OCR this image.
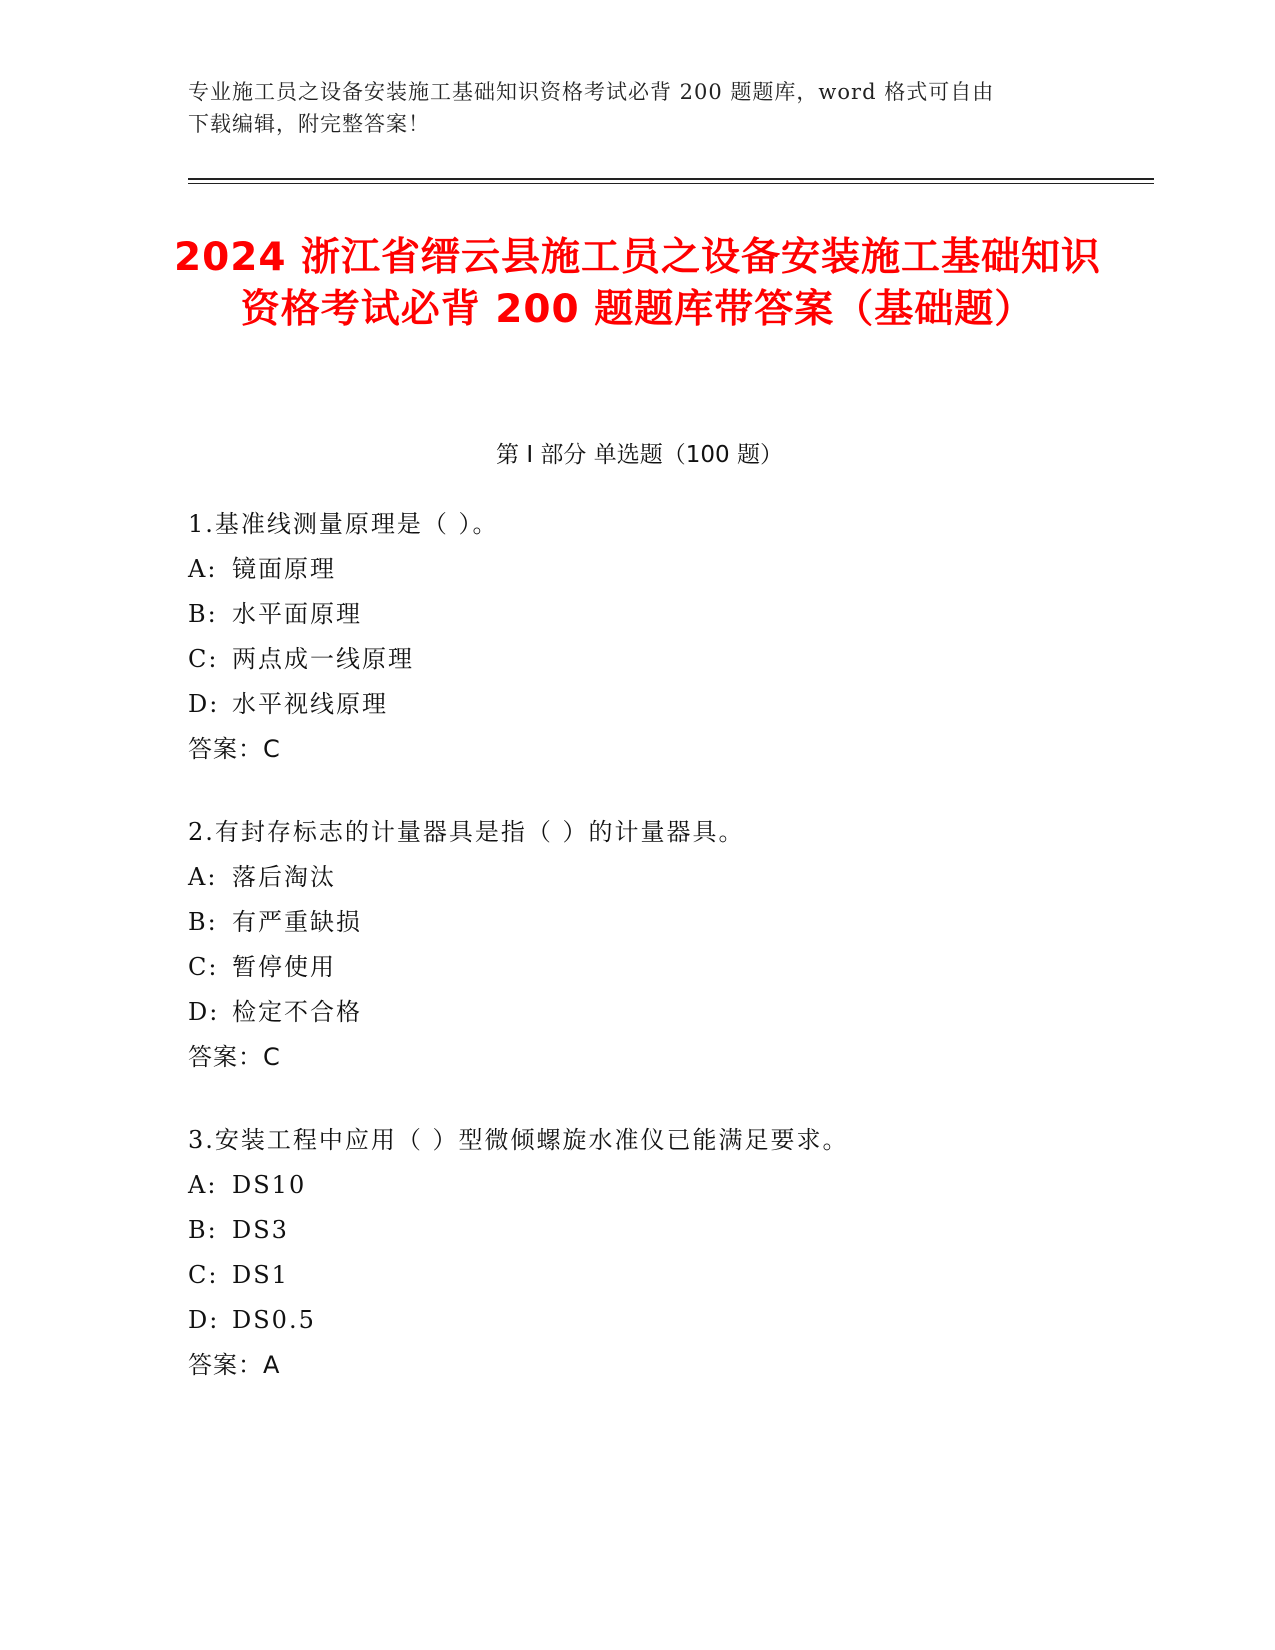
专业施工员之设备安装施工基础知识资格考试必背 200 题题库，word 格式可自由
下载编辑，附完整答案！
2024 浙江省缙云县施工员之设备安装施工基础知识资格考试必背 200 题题库带答案（基础题）
第 I 部分 单选题（100 题）
1.基准线测量原理是（ ）。
A: 镜面原理
B: 水平面原理
C: 两点成一线原理
D: 水平视线原理
答案：C
2.有封存标志的计量器具是指（ ）的计量器具。
A: 落后淘汰
B: 有严重缺损
C: 暂停使用
D: 检定不合格
答案：C
3.安装工程中应用（ ）型微倾螺旋水准仪已能满足要求。
A: DS10
B: DS3
C: DS1
D: DS0.5
答案：A
